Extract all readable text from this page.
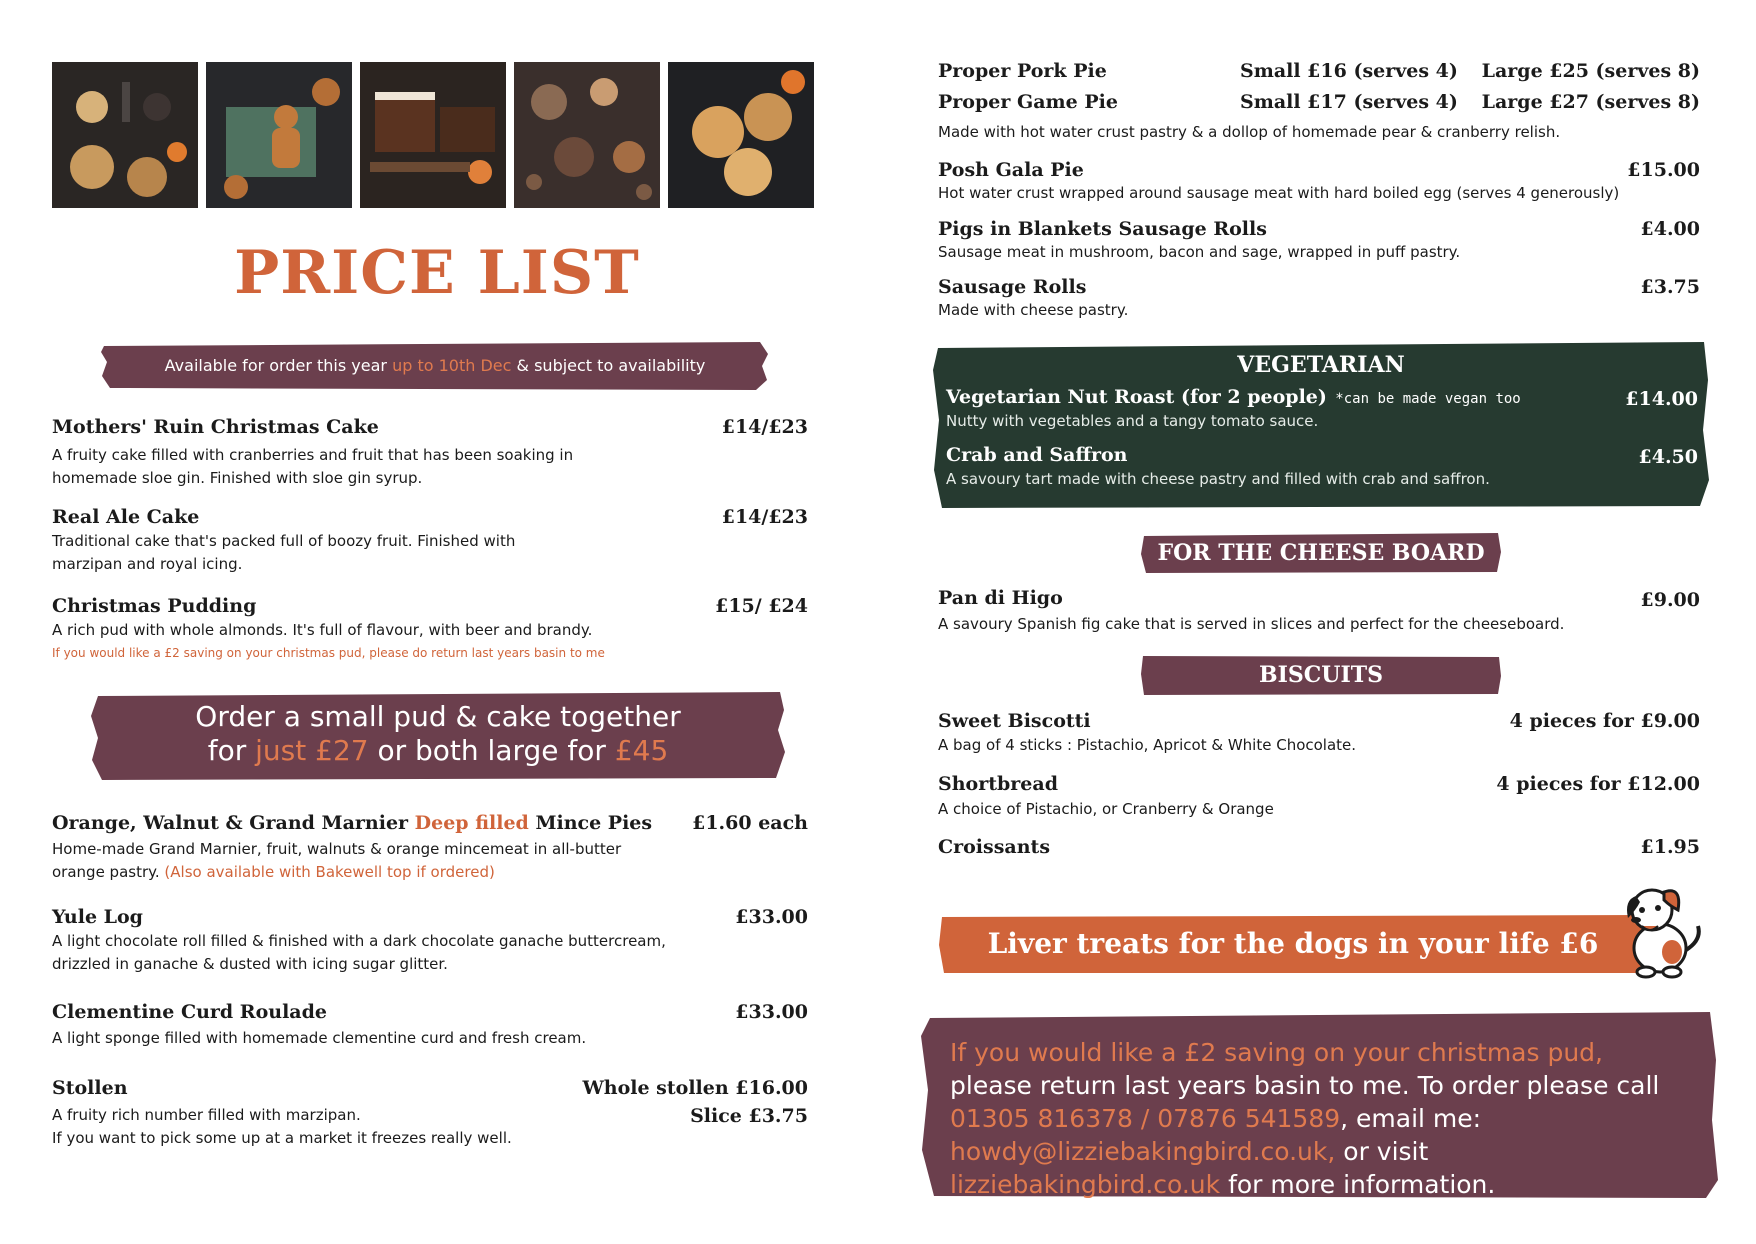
PRICE LIST
Available for order this year up to 10th Dec & subject to availability
Mothers' Ruin Christmas Cake	£14/£23
A fruity cake filled with cranberries and fruit that has been soaking in homemade sloe gin. Finished with sloe gin syrup.
Real Ale Cake	£14/£23
Traditional cake that's packed full of boozy fruit. Finished with marzipan and royal icing.
Christmas Pudding	£15/ £24
A rich pud with whole almonds. It's full of flavour, with beer and brandy.
If you would like a £2 saving on your christmas pud, please do return last years basin to me
Order a small pud & cake together
for just £27 or both large for £45
Orange, Walnut & Grand Marnier Deep filled Mince Pies £1.60 each
Home-made Grand Marnier, fruit, walnuts & orange mincemeat in all-butter orange pastry. (Also available with Bakewell top if ordered)
Yule Log	£33.00
A light chocolate roll filled & finished with a dark chocolate ganache buttercream, drizzled in ganache & dusted with icing sugar glitter.
Clementine Curd Roulade	£33.00
A light sponge filled with homemade clementine curd and fresh cream.
Stollen	Whole stollen £16.00
Slice £3.75
A fruity rich number filled with marzipan.
If you want to pick some up at a market it freezes really well.
Proper Pork Pie	Small £16 (serves 4) Large £25 (serves 8)
Proper Game Pie	Small £17 (serves 4) Large £27 (serves 8)
Made with hot water crust pastry & a dollop of homemade pear & cranberry relish.
Posh Gala Pie	£15.00
Hot water crust wrapped around sausage meat with hard boiled egg (serves 4 generously)
Pigs in Blankets Sausage Rolls	£4.00
Sausage meat in mushroom, bacon and sage, wrapped in puff pastry.
Sausage Rolls	£3.75
Made with cheese pastry.
VEGETARIAN
Vegetarian Nut Roast (for 2 people) *can be made vegan too	£14.00
Nutty with vegetables and a tangy tomato sauce.
Crab and Saffron	£4.50
A savoury tart made with cheese pastry and filled with crab and saffron.
FOR THE CHEESE BOARD
Pan di Higo	£9.00
A savoury Spanish fig cake that is served in slices and perfect for the cheeseboard.
BISCUITS
Sweet Biscotti	4 pieces for £9.00
A bag of 4 sticks : Pistachio, Apricot & White Chocolate.
Shortbread	4 pieces for £12.00
A choice of Pistachio, or Cranberry & Orange
Croissants	£1.95
Liver treats for the dogs in your life £6
If you would like a £2 saving on your christmas pud, please return last years basin to me. To order please call 01305 816378 / 07876 541589, email me: howdy@lizziebakingbird.co.uk, or visit lizziebakingbird.co.uk for more information.
